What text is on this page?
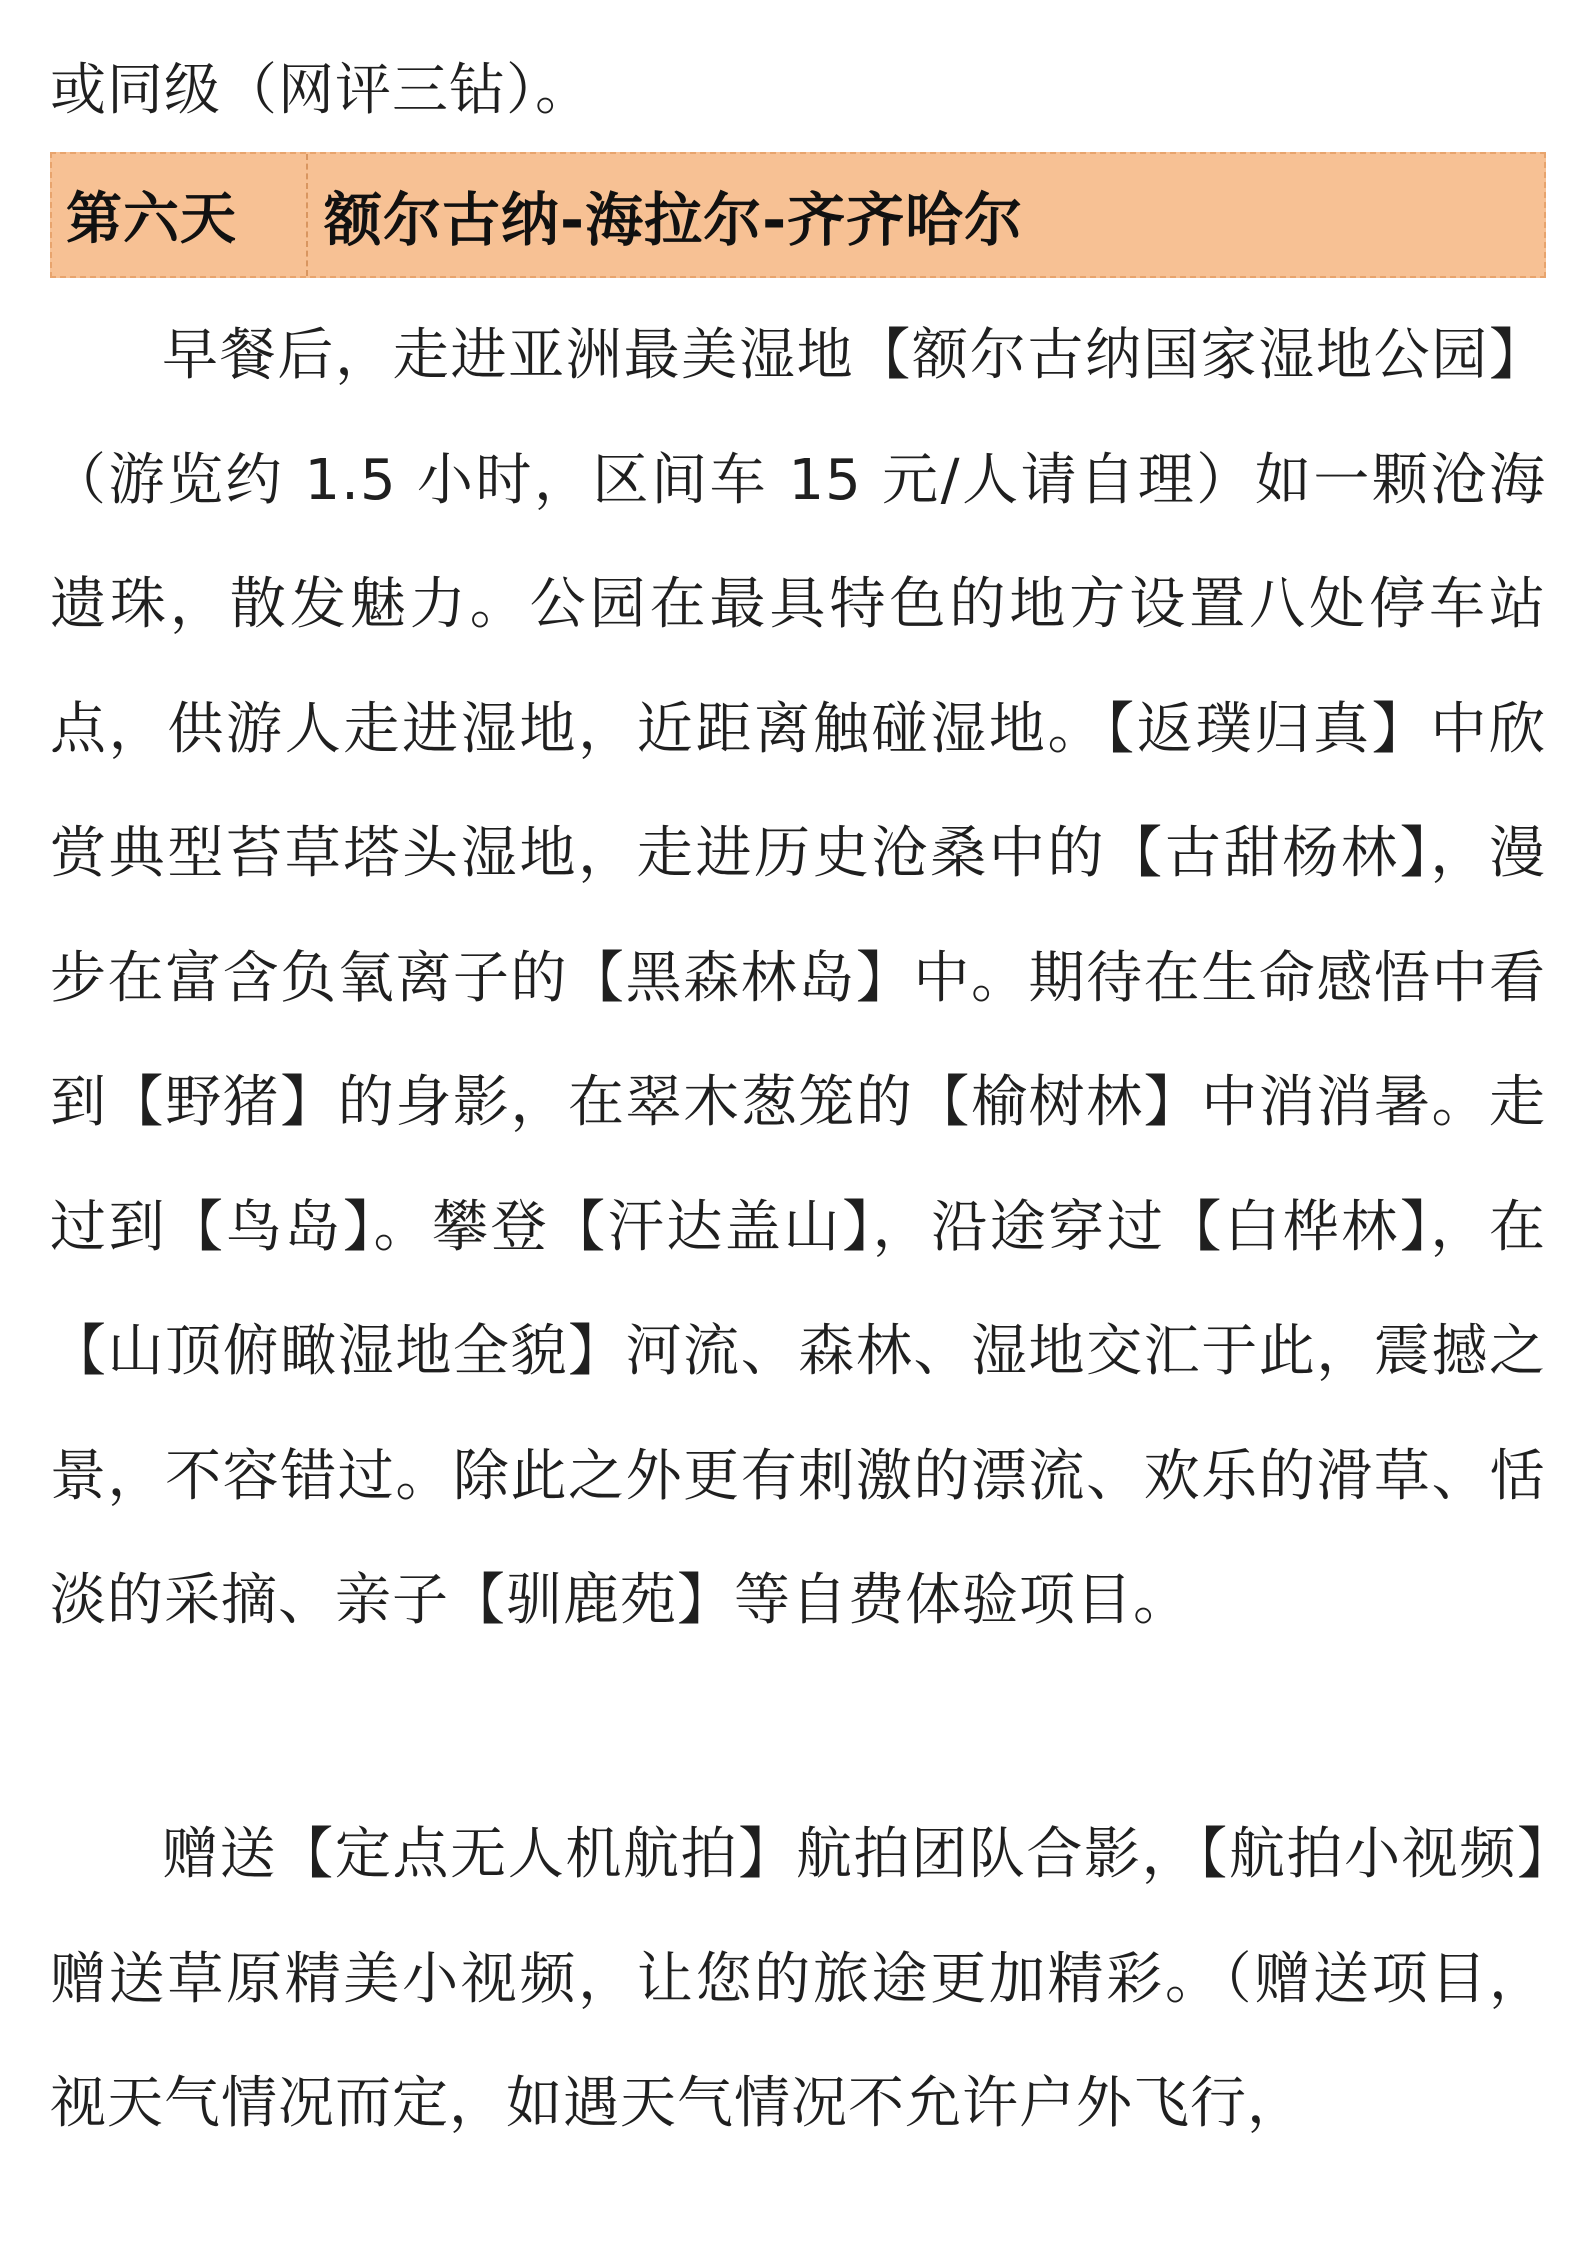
或同级（网评三钻）。
第六天	额尔古纳-海拉尔-齐齐哈尔

早餐后，走进亚洲最美湿地【额尔古纳国家湿地公园】（游览约 1.5 小时，区间车 15 元/人请自理）如一颗沧海遗珠，散发魅力。公园在最具特色的地方设置八处停车站点，供游人走进湿地，近距离触碰湿地。【返璞归真】中欣赏典型苔草塔头湿地，走进历史沧桑中的【古甜杨林】，漫步在富含负氧离子的【黑森林岛】中。期待在生命感悟中看到【野猪】的身影，在翠木葱笼的【榆树林】中消消暑。走过到【鸟岛】。攀登【汗达盖山】，沿途穿过【白桦林】，在【山顶俯瞰湿地全貌】河流、森林、湿地交汇于此，震撼之景，不容错过。除此之外更有刺激的漂流、欢乐的滑草、恬淡的采摘、亲子【驯鹿苑】等自费体验项目。

赠送【定点无人机航拍】航拍团队合影，【航拍小视频】赠送草原精美小视频，让您的旅途更加精彩。（赠送项目，视天气情况而定，如遇天气情况不允许户外飞行，
